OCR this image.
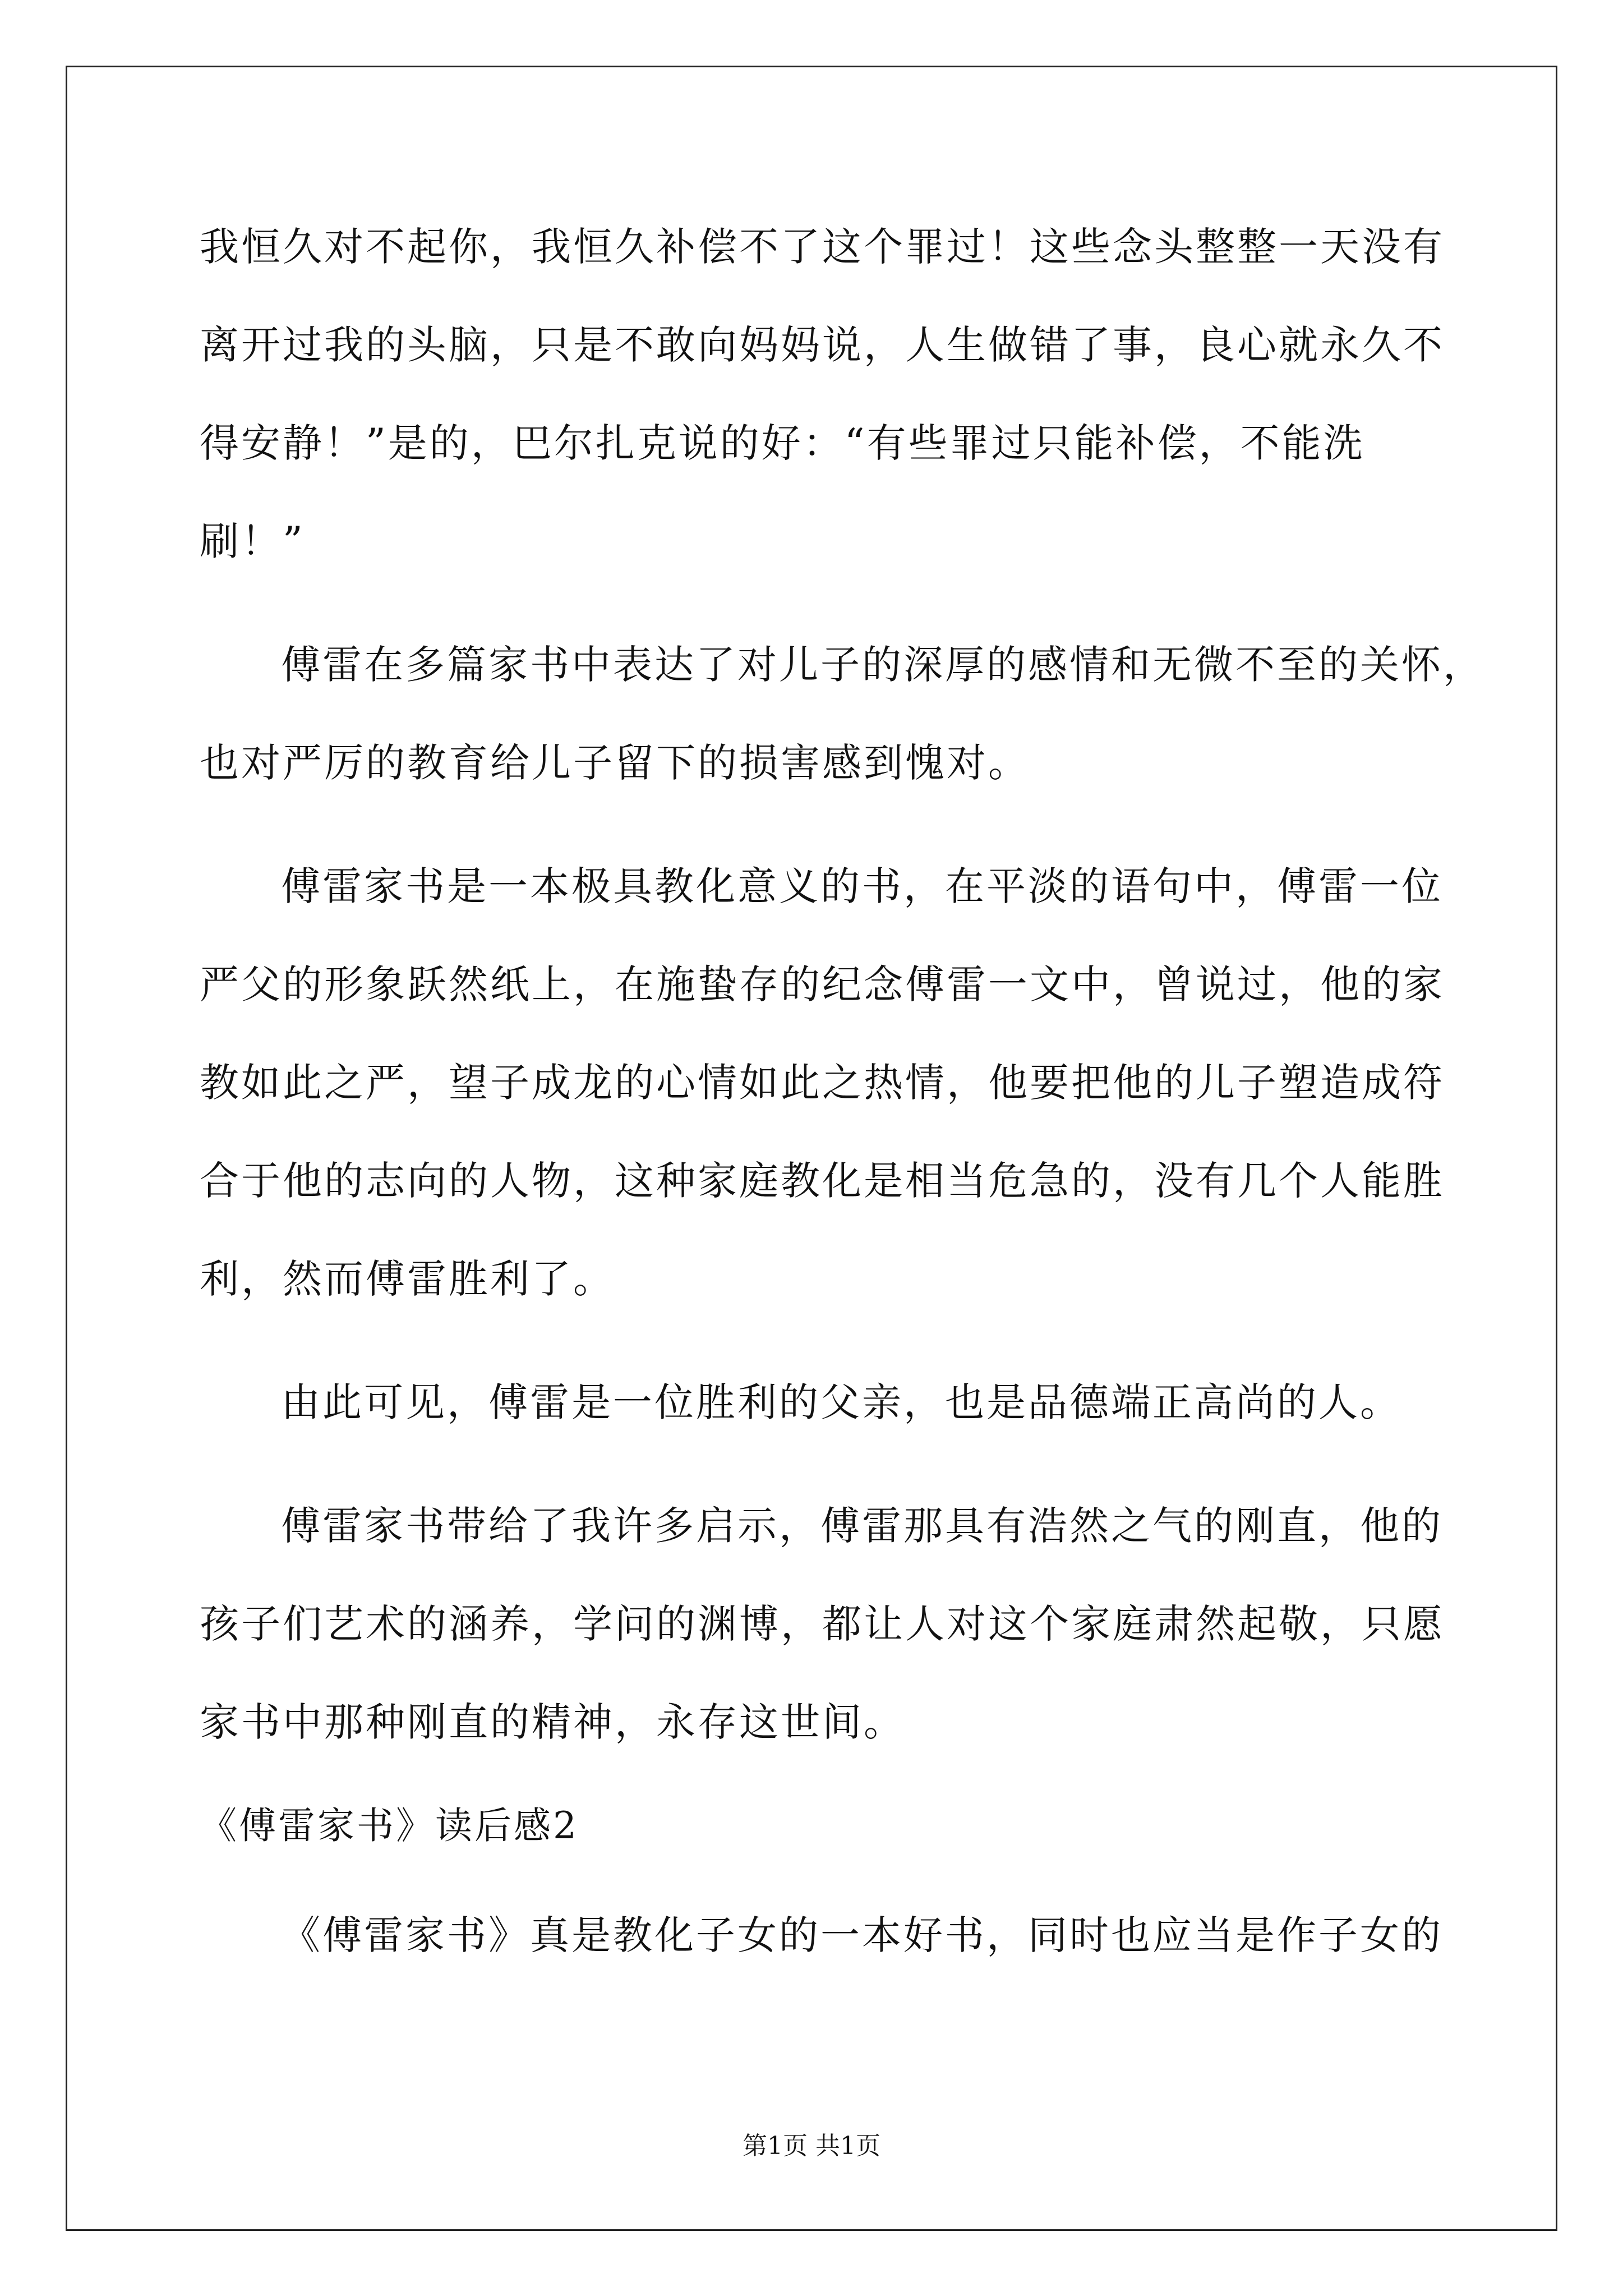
我恒久对不起你，我恒久补偿不了这个罪过！这些念头整整一天没有
离开过我的头脑，只是不敢向妈妈说，人生做错了事，良心就永久不
得安静！”是的，巴尔扎克说的好：“有些罪过只能补偿，不能洗
刷！”
傅雷在多篇家书中表达了对儿子的深厚的感情和无微不至的关怀，
也对严厉的教育给儿子留下的损害感到愧对。
傅雷家书是一本极具教化意义的书，在平淡的语句中，傅雷一位
严父的形象跃然纸上，在施蛰存的纪念傅雷一文中，曾说过，他的家
教如此之严，望子成龙的心情如此之热情，他要把他的儿子塑造成符
合于他的志向的人物，这种家庭教化是相当危急的，没有几个人能胜
利，然而傅雷胜利了。
由此可见，傅雷是一位胜利的父亲，也是品德端正高尚的人。
傅雷家书带给了我许多启示，傅雷那具有浩然之气的刚直，他的
孩子们艺术的涵养，学问的渊博，都让人对这个家庭肃然起敬，只愿
家书中那种刚直的精神，永存这世间。
《傅雷家书》读后感2
《傅雷家书》真是教化子女的一本好书，同时也应当是作子女的
第1页 共1页
